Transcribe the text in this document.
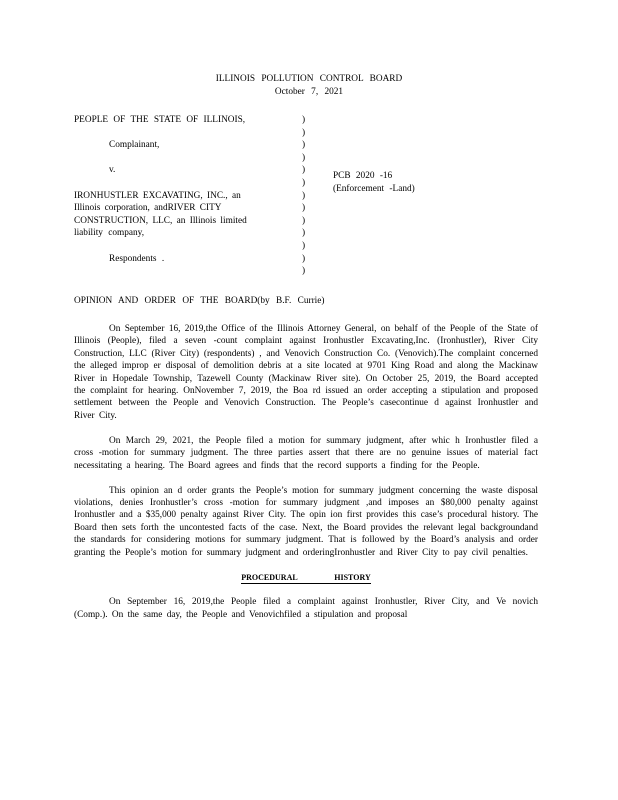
ILLINOIS POLLUTION CONTROL BOARD
October 7, 2021
PEOPLE OF THE STATE OF ILLINOIS,
Complainant,
v.
IRONHUSTLER EXCAVATING, INC., an
Illinois corporation, andRIVER CITY
CONSTRUCTION, LLC, an Illinois limited
liability company,
Respondents .
)
)
)
)
)
)
)
)
)
)
)
)
)
PCB 2020 -16
(Enforcement -Land)
OPINION AND ORDER OF THE BOARD(by B.F. Currie)

On September 16, 2019,the Office of the Illinois Attorney General, on behalf of the People of the State of Illinois (People), filed a seven -count complaint against Ironhustler Excavating,Inc. (Ironhustler), River City Construction, LLC (River City) (respondents) , and Venovich Construction Co. (Venovich).The complaint concerned the alleged improp er disposal of demolition debris at a site located at 9701 King Road and along the Mackinaw River in Hopedale Township, Tazewell County (Mackinaw River site). On October 25, 2019, the Board accepted the complaint for hearing. OnNovember 7, 2019, the Boa rd issued an order accepting a stipulation and proposed settlement between the People and Venovich Construction. The People’s casecontinue d against Ironhustler and River City.

On March 29, 2021, the People filed a motion for summary judgment, after whic h Ironhustler filed a cross -motion for summary judgment. The three parties assert that there are no genuine issues of material fact necessitating a hearing. The Board agrees and finds that the record supports a finding for the People.

This opinion an d order grants the People’s motion for summary judgment concerning the waste disposal violations, denies Ironhustler’s cross -motion for summary judgment ,and imposes an $80,000 penalty against Ironhustler and a $35,000 penalty against River City. The opin ion first provides this case’s procedural history. The Board then sets forth the uncontested facts of the case. Next, the Board provides the relevant legal backgroundand the standards for considering motions for summary judgment. That is followed by the Board’s analysis and order granting the People’s motion for summary judgment and orderingIronhustler and River City to pay civil penalties.

PROCEDURAL HISTORY

On September 16, 2019,the People filed a complaint against Ironhustler, River City, and Ve novich (Comp.). On the same day, the People and Venovichfiled a stipulation and proposal
